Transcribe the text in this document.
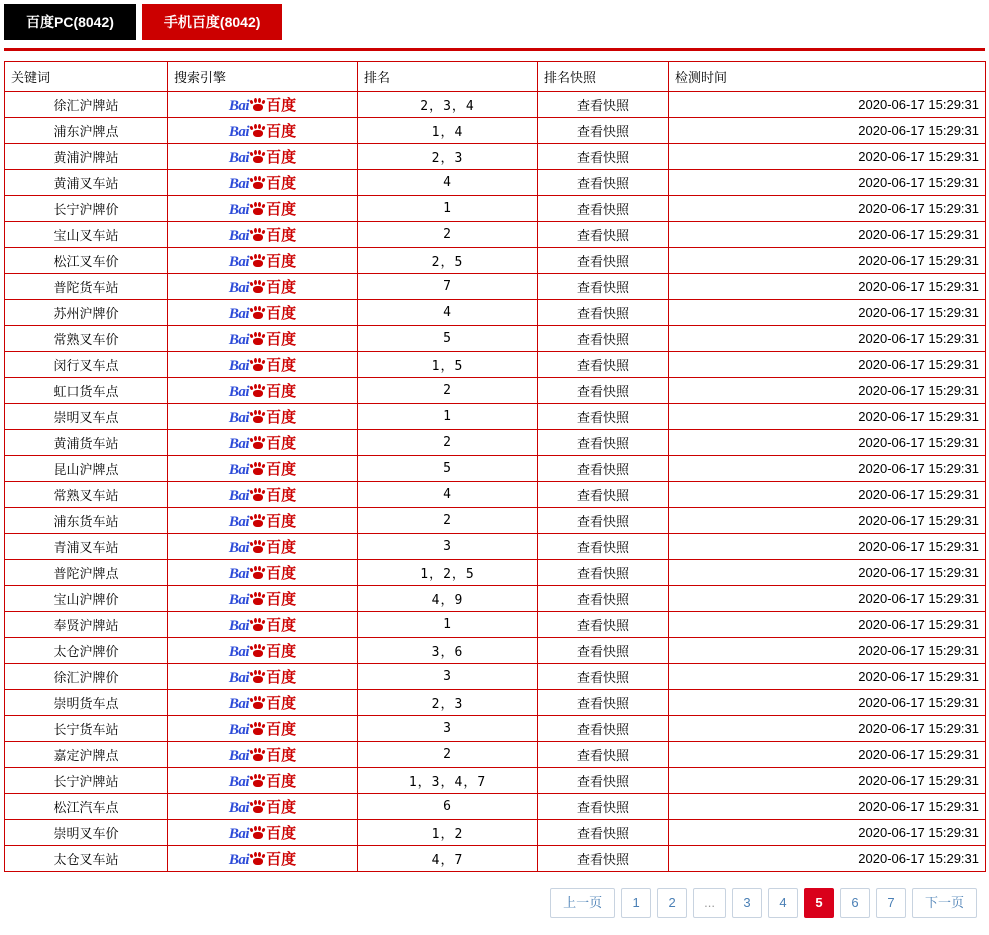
百度PC(8042)	手机百度(8042)
关键词	搜索引擎	排名	排名快照	检测时间
徐汇沪牌站	Bai 百度	2，3，4	查看快照	2020-06-17 15:29:31
浦东沪牌点	Bai 百度	1，4	查看快照	2020-06-17 15:29:31
黄浦沪牌站	Bai 百度	2，3	查看快照	2020-06-17 15:29:31
黄浦叉车站	Bai 百度	4	查看快照	2020-06-17 15:29:31
长宁沪牌价	Bai 百度	1	查看快照	2020-06-17 15:29:31
宝山叉车站	Bai 百度	2	查看快照	2020-06-17 15:29:31
松江叉车价	Bai 百度	2，5	查看快照	2020-06-17 15:29:31
普陀货车站	Bai 百度	7	查看快照	2020-06-17 15:29:31
苏州沪牌价	Bai 百度	4	查看快照	2020-06-17 15:29:31
常熟叉车价	Bai 百度	5	查看快照	2020-06-17 15:29:31
闵行叉车点	Bai 百度	1，5	查看快照	2020-06-17 15:29:31
虹口货车点	Bai 百度	2	查看快照	2020-06-17 15:29:31
崇明叉车点	Bai 百度	1	查看快照	2020-06-17 15:29:31
黄浦货车站	Bai 百度	2	查看快照	2020-06-17 15:29:31
昆山沪牌点	Bai 百度	5	查看快照	2020-06-17 15:29:31
常熟叉车站	Bai 百度	4	查看快照	2020-06-17 15:29:31
浦东货车站	Bai 百度	2	查看快照	2020-06-17 15:29:31
青浦叉车站	Bai 百度	3	查看快照	2020-06-17 15:29:31
普陀沪牌点	Bai 百度	1，2，5	查看快照	2020-06-17 15:29:31
宝山沪牌价	Bai 百度	4，9	查看快照	2020-06-17 15:29:31
奉贤沪牌站	Bai 百度	1	查看快照	2020-06-17 15:29:31
太仓沪牌价	Bai 百度	3，6	查看快照	2020-06-17 15:29:31
徐汇沪牌价	Bai 百度	3	查看快照	2020-06-17 15:29:31
崇明货车点	Bai 百度	2，3	查看快照	2020-06-17 15:29:31
长宁货车站	Bai 百度	3	查看快照	2020-06-17 15:29:31
嘉定沪牌点	Bai 百度	2	查看快照	2020-06-17 15:29:31
长宁沪牌站	Bai 百度	1，3，4，7	查看快照	2020-06-17 15:29:31
松江汽车点	Bai 百度	6	查看快照	2020-06-17 15:29:31
崇明叉车价	Bai 百度	1，2	查看快照	2020-06-17 15:29:31
太仓叉车站	Bai 百度	4，7	查看快照	2020-06-17 15:29:31
上一页	1	2	...	3	4	5	6	7	下一页
